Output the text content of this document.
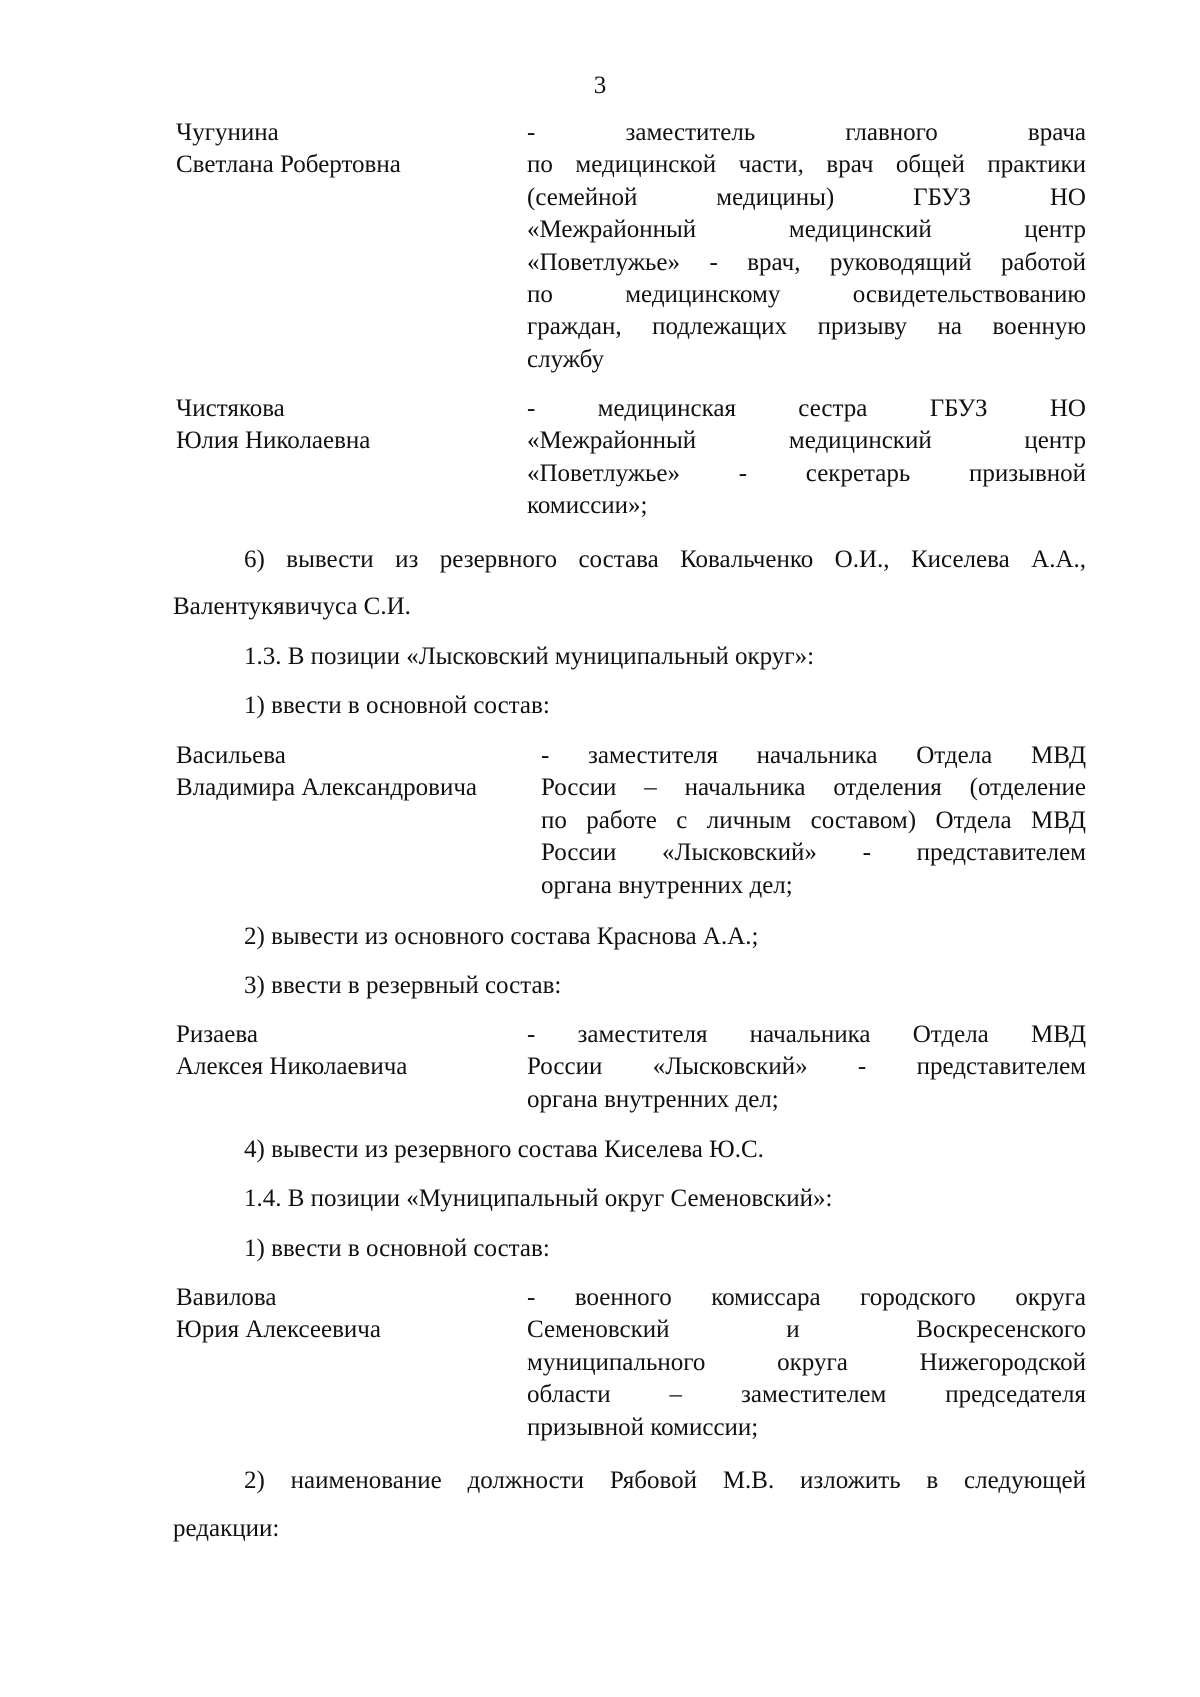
3
Чугунина
Светлана Робертовна
- заместитель главного врача
по медицинской части, врач общей практики
(семейной медицины) ГБУЗ НО
«Межрайонный медицинский центр
«Поветлужье» - врач, руководящий работой
по медицинскому освидетельствованию
граждан, подлежащих призыву на военную
службу
Чистякова
Юлия Николаевна
- медицинская сестра ГБУЗ НО
«Межрайонный медицинский центр
«Поветлужье» - секретарь призывной
комиссии»;
6) вывести из резервного состава Ковальченко О.И., Киселева А.А.,
Валентукявичуса С.И.
1.3. В позиции «Лысковский муниципальный округ»:
1) ввести в основной состав:
Васильева
Владимира Александровича
- заместителя начальника Отдела МВД
России – начальника отделения (отделение
по работе с личным составом) Отдела МВД
России «Лысковский» - представителем
органа внутренних дел;
2) вывести из основного состава Краснова А.А.;
3) ввести в резервный состав:
Ризаева
Алексея Николаевича
- заместителя начальника Отдела МВД
России «Лысковский» - представителем
органа внутренних дел;
4) вывести из резервного состава Киселева Ю.С.
1.4. В позиции «Муниципальный округ Семеновский»:
1) ввести в основной состав:
Вавилова
Юрия Алексеевича
- военного комиссара городского округа
Семеновский и Воскресенского
муниципального округа Нижегородской
области – заместителем председателя
призывной комиссии;
2) наименование должности Рябовой М.В. изложить в следующей
редакции:
